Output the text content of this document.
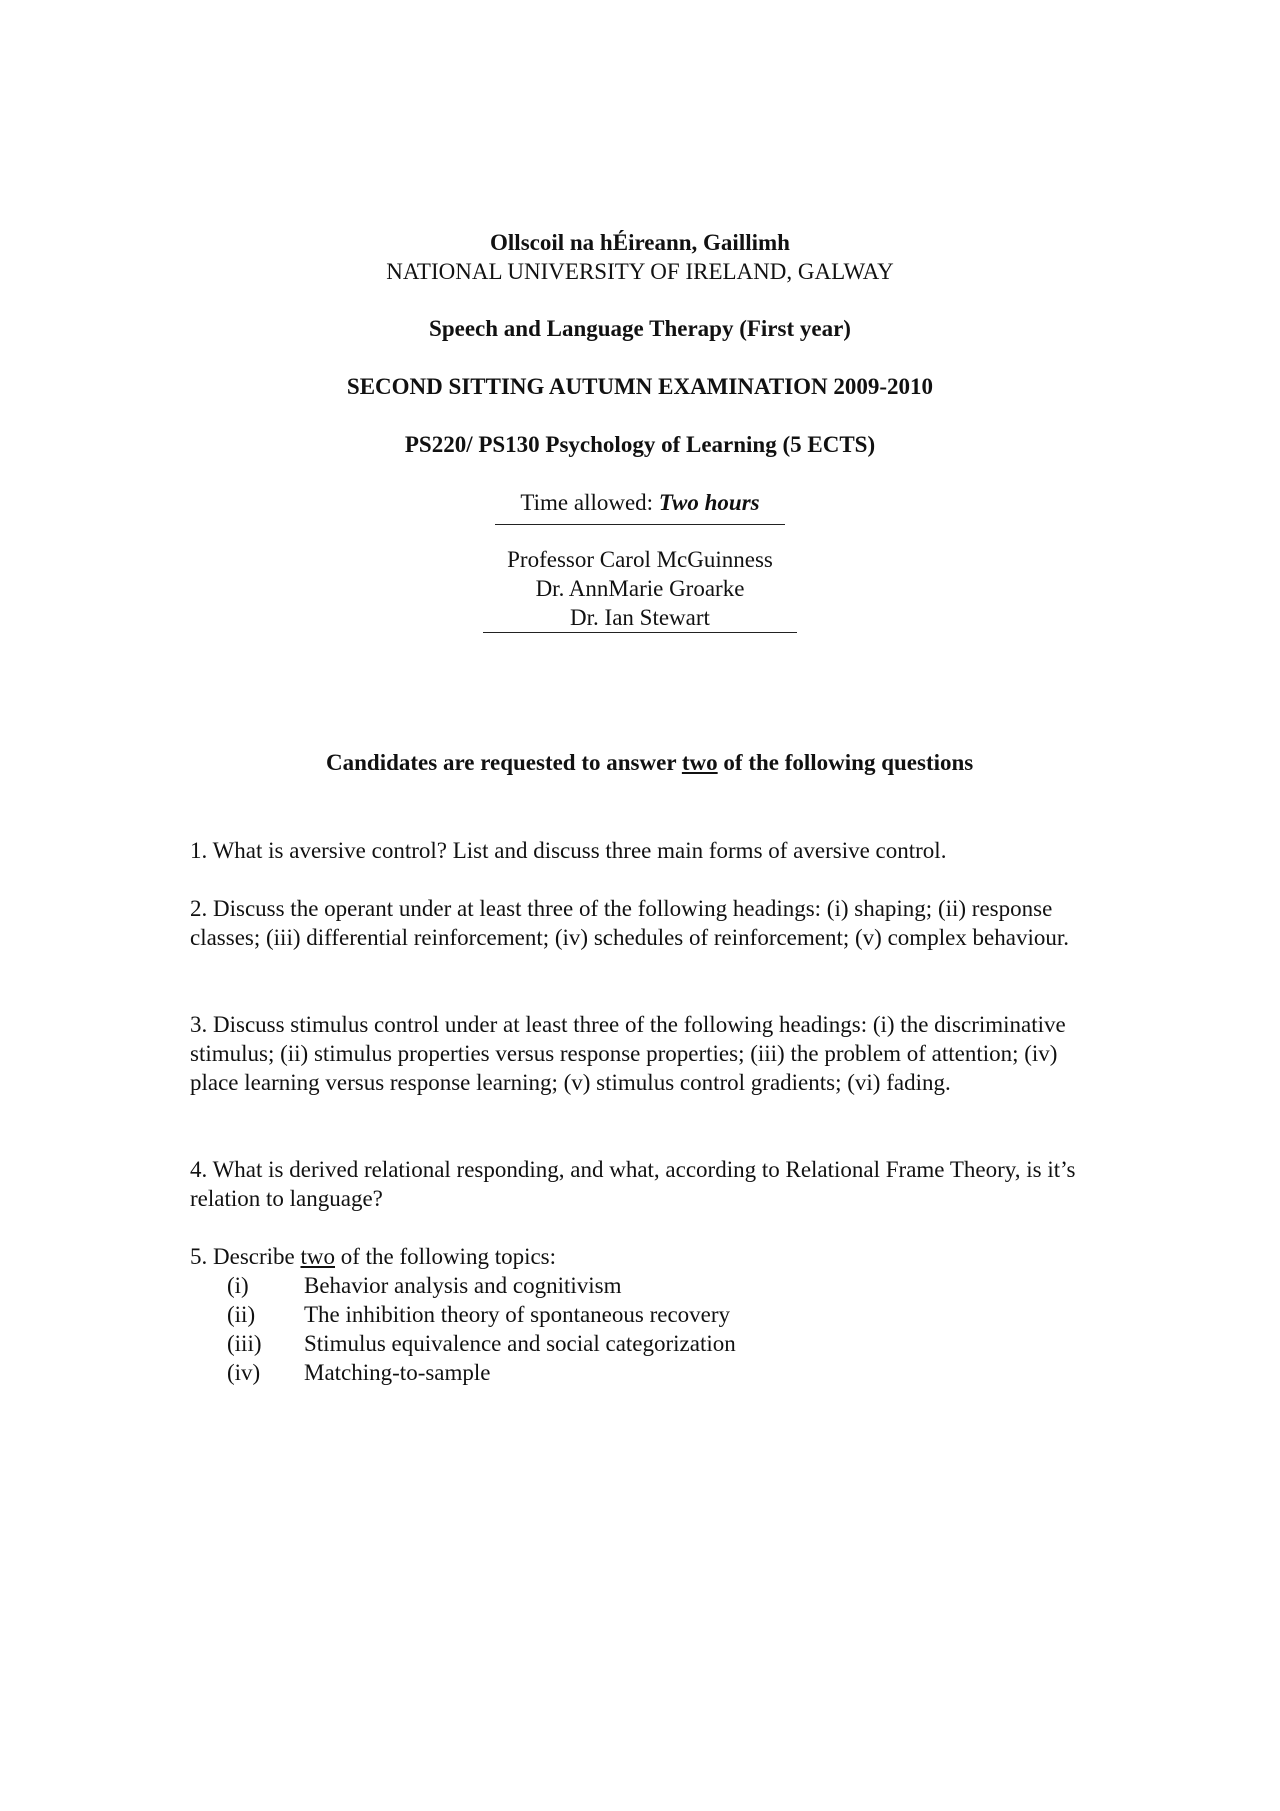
Ollscoil na hÉireann, Gaillimh
NATIONAL UNIVERSITY OF IRELAND, GALWAY
Speech and Language Therapy (First year)
SECOND SITTING AUTUMN EXAMINATION 2009-2010
PS220/ PS130 Psychology of Learning (5 ECTS)
Time allowed: Two hours
Professor Carol McGuinness
Dr. AnnMarie Groarke
Dr. Ian Stewart
Candidates are requested to answer two of the following questions

1. What is aversive control? List and discuss three main forms of aversive control.

2. Discuss the operant under at least three of the following headings: (i) shaping; (ii) response classes; (iii) differential reinforcement; (iv) schedules of reinforcement; (v) complex behaviour.

3. Discuss stimulus control under at least three of the following headings: (i) the discriminative stimulus; (ii) stimulus properties versus response properties; (iii) the problem of attention; (iv) place learning versus response learning; (v) stimulus control gradients; (vi) fading.

4. What is derived relational responding, and what, according to Relational Frame Theory, is it’s relation to language?

5. Describe two of the following topics:

(i) Behavior analysis and cognitivism
(ii) The inhibition theory of spontaneous recovery
(iii) Stimulus equivalence and social categorization
(iv) Matching-to-sample
